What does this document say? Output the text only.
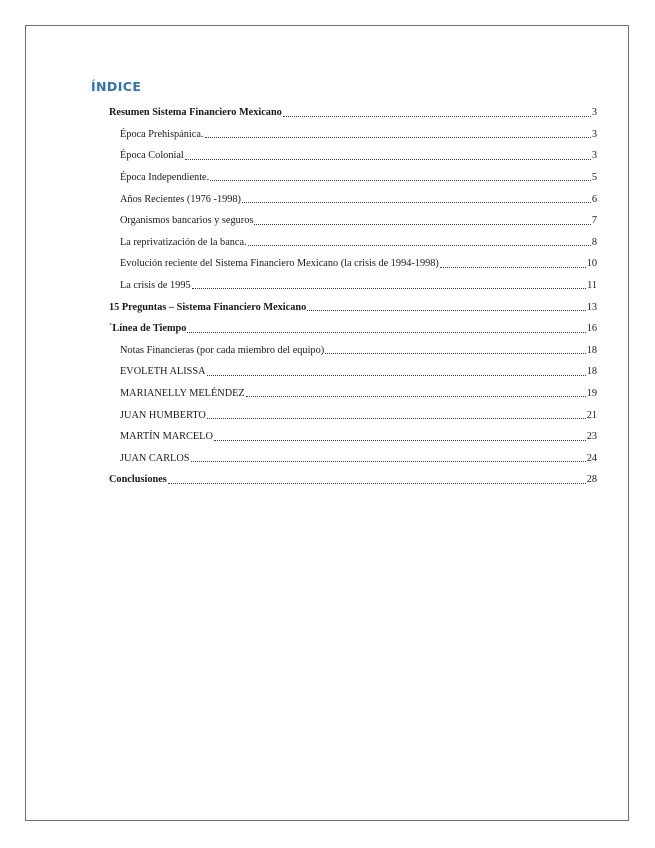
ÍNDICE
Resumen Sistema Financiero Mexicano	3
Época Prehispánica.	3
Época Colonial	3
Época Independiente.	5
Años Recientes (1976 -1998)	6
Organismos bancarios y seguros	7
La reprivatización de la banca.	8
Evolución reciente del Sistema Financiero Mexicano (la crisis de 1994-1998)	10
La crisis de 1995	11
15 Preguntas – Sistema Financiero Mexicano	13
´Línea de Tiempo	16
Notas Financieras (por cada miembro del equipo)	18
EVOLETH ALISSA	18
MARIANELLY MELÉNDEZ	19
JUAN HUMBERTO	21
MARTÍN MARCELO	23
JUAN CARLOS	24
Conclusiones	28
